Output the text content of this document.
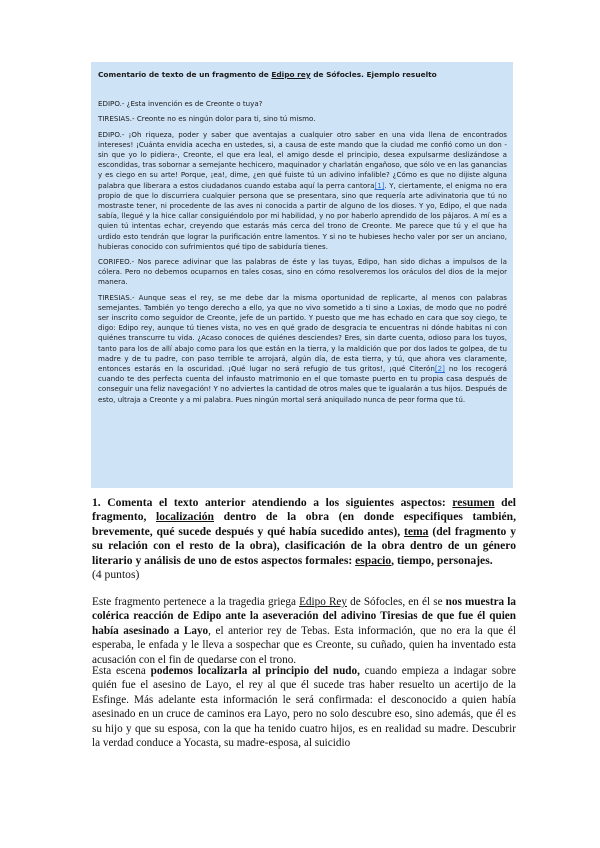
Comentario de texto de un fragmento de Edipo rey de Sófocles. Ejemplo resuelto

EDIPO.- ¿Esta invención es de Creonte o tuya?

TIRESIAS.- Creonte no es ningún dolor para ti, sino tú mismo.

EDIPO.- ¡Oh riqueza, poder y saber que aventajas a cualquier otro saber en una vida llena de encontrados intereses! ¡Cuánta envidia acecha en ustedes, si, a causa de este mando que la ciudad me confió como un don -sin que yo lo pidiera-, Creonte, el que era leal, el amigo desde el principio, desea expulsarme deslizándose a escondidas, tras sobornar a semejante hechicero, maquinador y charlatán engañoso, que sólo ve en las ganancias y es ciego en su arte! Porque, ¡ea!, dime, ¿en qué fuiste tú un adivino infalible? ¿Cómo es que no dijiste alguna palabra que liberara a estos ciudadanos cuando estaba aquí la perra cantora[1]. Y, ciertamente, el enigma no era propio de que lo discurriera cualquier persona que se presentara, sino que requería arte adivinatoria que tú no mostraste tener, ni procedente de las aves ni conocida a partir de alguno de los dioses. Y yo, Edipo, el que nada sabía, llegué y la hice callar consiguiéndolo por mi habilidad, y no por haberlo aprendido de los pájaros. A mí es a quien tú intentas echar, creyendo que estarás más cerca del trono de Creonte. Me parece que tú y el que ha urdido esto tendrán que lograr la purificación entre lamentos. Y si no te hubieses hecho valer por ser un anciano, hubieras conocido con sufrimientos qué tipo de sabiduría tienes.

CORIFEO.- Nos parece adivinar que las palabras de éste y las tuyas, Edipo, han sido dichas a impulsos de la cólera. Pero no debemos ocuparnos en tales cosas, sino en cómo resolveremos los oráculos del dios de la mejor manera.

TIRESIAS.- Aunque seas el rey, se me debe dar la misma oportunidad de replicarte, al menos con palabras semejantes. También yo tengo derecho a ello, ya que no vivo sometido a ti sino a Loxias, de modo que no podré ser inscrito como seguidor de Creonte, jefe de un partido. Y puesto que me has echado en cara que soy ciego, te digo: Edipo rey, aunque tú tienes vista, no ves en qué grado de desgracia te encuentras ni dónde habitas ni con quiénes transcurre tu vida. ¿Acaso conoces de quiénes desciendes? Eres, sin darte cuenta, odioso para los tuyos, tanto para los de allí abajo como para los que están en la tierra, y la maldición que por dos lados te golpea, de tu madre y de tu padre, con paso terrible te arrojará, algún día, de esta tierra, y tú, que ahora ves claramente, entonces estarás en la oscuridad. ¡Qué lugar no será refugio de tus gritos!, ¡qué Citerón[2] no los recogerá cuando te des perfecta cuenta del infausto matrimonio en el que tomaste puerto en tu propia casa después de conseguir una feliz navegación! Y no adviertes la cantidad de otros males que te igualarán a tus hijos. Después de esto, ultraja a Creonte y a mi palabra. Pues ningún mortal será aniquilado nunca de peor forma que tú.

1. Comenta el texto anterior atendiendo a los siguientes aspectos: resumen del fragmento, localización dentro de la obra (en donde especifiques también, brevemente, qué sucede después y qué había sucedido antes), tema (del fragmento y su relación con el resto de la obra), clasificación de la obra dentro de un género literario y análisis de uno de estos aspectos formales: espacio, tiempo, personajes.
(4 puntos)
Este fragmento pertenece a la tragedia griega Edipo Rey de Sófocles, en él se nos muestra la colérica reacción de Edipo ante la aseveración del adivino Tiresias de que fue él quien había asesinado a Layo, el anterior rey de Tebas. Esta información, que no era la que él esperaba, le enfada y le lleva a sospechar que es Creonte, su cuñado, quien ha inventado esta acusación con el fin de quedarse con el trono.
Esta escena podemos localizarla al principio del nudo, cuando empieza a indagar sobre quién fue el asesino de Layo, el rey al que él sucede tras haber resuelto un acertijo de la Esfinge. Más adelante esta información le será confirmada: el desconocido a quien había asesinado en un cruce de caminos era Layo, pero no solo descubre eso, sino además, que él es su hijo y que su esposa, con la que ha tenido cuatro hijos, es en realidad su madre. Descubrir la verdad conduce a Yocasta, su madre-esposa, al suicidio
